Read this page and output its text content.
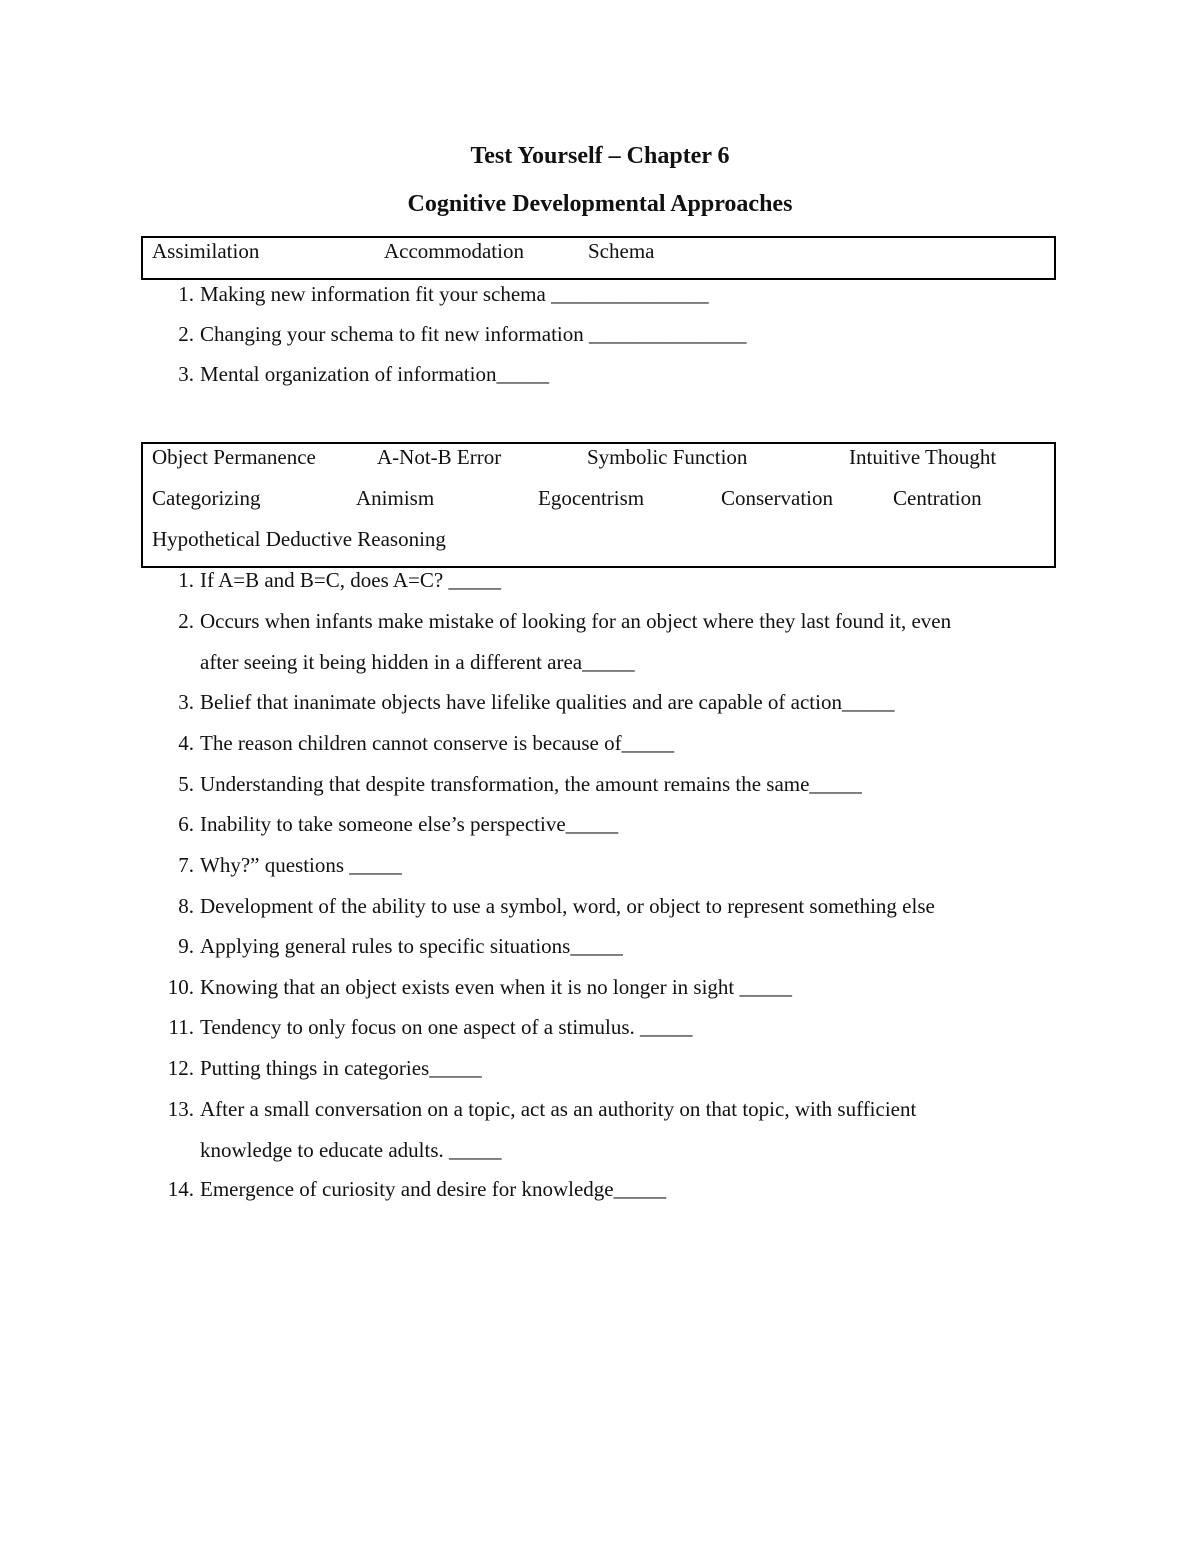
Test Yourself – Chapter 6
Cognitive Developmental Approaches
Assimilation	Accommodation	Schema
Object Permanence	A-Not-B Error	Symbolic Function	Intuitive Thought
Categorizing	Animism	Egocentrism	Conservation	Centration
Hypothetical Deductive Reasoning
1. Making new information fit your schema _______________
2. Changing your schema to fit new information _______________
3. Mental organization of information_____
1. If A=B and B=C, does A=C? _____
2. Occurs when infants make mistake of looking for an object where they last found it, even
after seeing it being hidden in a different area_____
3. Belief that inanimate objects have lifelike qualities and are capable of action_____
4. The reason children cannot conserve is because of_____
5. Understanding that despite transformation, the amount remains the same_____
6. Inability to take someone else’s perspective_____
7. Why?” questions _____
8. Development of the ability to use a symbol, word, or object to represent something else
9. Applying general rules to specific situations_____
10. Knowing that an object exists even when it is no longer in sight _____
11. Tendency to only focus on one aspect of a stimulus. _____
12. Putting things in categories_____
13. After a small conversation on a topic, act as an authority on that topic, with sufficient
knowledge to educate adults. _____
14. Emergence of curiosity and desire for knowledge_____
